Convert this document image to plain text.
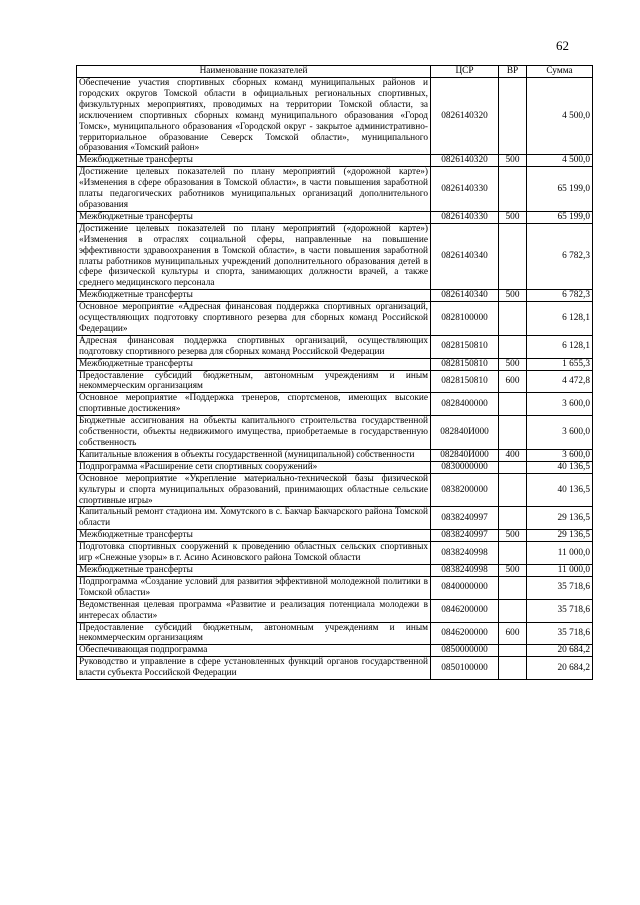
62
Наименование показателей	ЦСР	ВР	Сумма
Обеспечение участия спортивных сборных команд муниципальных районов и городских округов Томской области в официальных региональных спортивных, физкультурных мероприятиях, проводимых на территории Томской области, за исключением спортивных сборных команд муниципального образования «Город Томск», муниципального образования «Городской округ - закрытое административно-территориальное образование Северск Томской области», муниципального образования «Томский район»	0826140320		4 500,0
Межбюджетные трансферты	0826140320	500	4 500,0
Достижение целевых показателей по плану мероприятий («дорожной карте») «Изменения в сфере образования в Томской области», в части повышения заработной платы педагогических работников муниципальных организаций дополнительного образования	0826140330		65 199,0
Межбюджетные трансферты	0826140330	500	65 199,0
Достижение целевых показателей по плану мероприятий («дорожной карте») «Изменения в отраслях социальной сферы, направленные на повышение эффективности здравоохранения в Томской области», в части повышения заработной платы работников муниципальных учреждений дополнительного образования детей в сфере физической культуры и спорта, занимающих должности врачей, а также среднего медицинского персонала	0826140340		6 782,3
Межбюджетные трансферты	0826140340	500	6 782,3
Основное мероприятие «Адресная финансовая поддержка спортивных организаций, осуществляющих подготовку спортивного резерва для сборных команд Российской Федерации»	0828100000		6 128,1
Адресная финансовая поддержка спортивных организаций, осуществляющих подготовку спортивного резерва для сборных команд Российской Федерации	0828150810		6 128,1
Межбюджетные трансферты	0828150810	500	1 655,3
Предоставление субсидий бюджетным, автономным учреждениям и иным некоммерческим организациям	0828150810	600	4 472,8
Основное мероприятие «Поддержка тренеров, спортсменов, имеющих высокие спортивные достижения»	0828400000		3 600,0
Бюджетные ассигнования на объекты капитального строительства государственной собственности, объекты недвижимого имущества, приобретаемые в государственную собственность	082840И000		3 600,0
Капитальные вложения в объекты государственной (муниципальной) собственности	082840И000	400	3 600,0
Подпрограмма «Расширение сети спортивных сооружений»	0830000000		40 136,5
Основное мероприятие «Укрепление материально-технической базы физической культуры и спорта муниципальных образований, принимающих областные сельские спортивные игры»	0838200000		40 136,5
Капитальный ремонт стадиона им. Хомутского в с. Бакчар Бакчарского района Томской области	0838240997		29 136,5
Межбюджетные трансферты	0838240997	500	29 136,5
Подготовка спортивных сооружений к проведению областных сельских спортивных игр «Снежные узоры» в г. Асино Асиновского района Томской области	0838240998		11 000,0
Межбюджетные трансферты	0838240998	500	11 000,0
Подпрограмма «Создание условий для развития эффективной молодежной политики в Томской области»	0840000000		35 718,6
Ведомственная целевая программа «Развитие и реализация потенциала молодежи в интересах области»	0846200000		35 718,6
Предоставление субсидий бюджетным, автономным учреждениям и иным некоммерческим организациям	0846200000	600	35 718,6
Обеспечивающая подпрограмма	0850000000		20 684,2
Руководство и управление в сфере установленных функций органов государственной власти субъекта Российской Федерации	0850100000		20 684,2
